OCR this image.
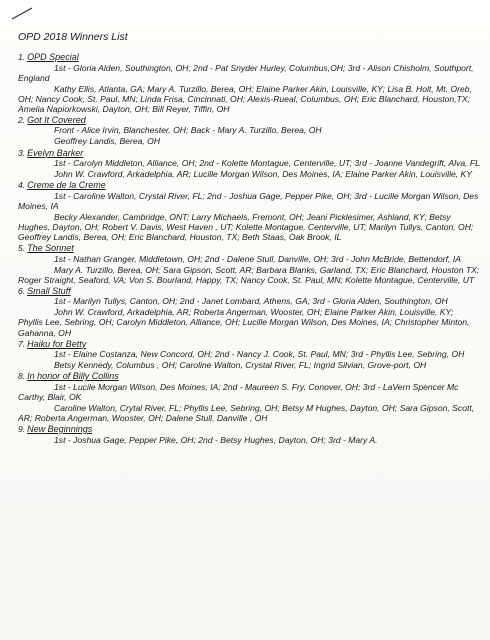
OPD 2018 Winners List
1. OPD Special
1st - Gloria Alden, Southington, OH; 2nd - Pat Snyder Hurley, Columbus,OH; 3rd - Alison Chisholm, Southport, England
Kathy Ellis, Atlanta, GA; Mary A. Turzillo, Berea, OH; Elaine Parker Akin, Louisville, KY; Lisa B. Holt, Mt. Oreb, OH; Nancy Cook, St. Paul, MN; Linda Frisa, Cincinnati, OH; Alexis-Rueal, Columbus, OH; Eric Blanchard, Houston,TX; Amelia Napiorkowski, Dayton, OH; Bill Reyer, Tiffin, OH
2. Got It Covered
Front - Alice Irvin, Blanchester, OH; Back - Mary A. Turzillo, Berea, OH
Geoffrey Landis, Berea, OH
3. Evelyn Barker
1st - Carolyn Middleton, Alliance, OH; 2nd - Kolette Montague, Centerville, UT; 3rd - Joanne Vandegrift, Alva, FL
John W. Crawford, Arkadelphia, AR; Lucille Morgan Wilson, Des Moines, IA; Elaine Parker Akin, Louisville, KY
4. Creme de la Creme
1st - Caroline Walton, Crystal River, FL; 2nd - Joshua Gage, Pepper Pike, OH; 3rd - Lucille Morgan Wilson, Des Moines, IA
Becky Alexander, Cambridge, ONT; Larry Michaels, Fremont, OH; Jeani Picklesimer, Ashland, KY; Betsy Hughes, Dayton, OH; Robert V. Davis, West Haven , UT; Kolette Montague, Centerville, UT; Marilyn Tullys, Canton, OH; Geoffrey Landis, Berea, OH; Eric Blanchard, Houston, TX; Beth Staas, Oak Brook, IL
5. The Sonnet
1st - Nathan Granger, Middletown, OH; 2nd - Dalene Stull, Danville, OH; 3rd - John McBride, Bettendorf, IA
Mary A. Turzillo, Berea, OH; Sara Gipson, Scott, AR; Barbara Blanks, Garland, TX; Eric Blanchard, Houston TX; Roger Straight, Seaford, VA; Von S. Bourland, Happy, TX; Nancy Cook, St. Paul, MN; Kolette Montague, Centerville, UT
6. Small Stuff
1st - Marilyn Tullys, Canton, OH; 2nd - Janet Lombard, Athens, GA; 3rd - Gloria Alden, Southington, OH
John W. Crawford, Arkadelphia, AR; Roberta Angerman, Wooster, OH; Elaine Parker Akin, Louisville, KY; Phyllis Lee, Sebring, OH; Carolyn Middleton, Alliance, OH; Lucille Morgan Wilson, Des Moines, IA; Christopher Minton, Gahanna, OH
7. Haiku for Betty
1st - Elaine Costanza, New Concord, OH; 2nd - Nancy J. Cook, St. Paul, MN; 3rd - Phyllis Lee, Sebring, OH
Betsy Kennedy, Columbus , OH; Caroline Walton, Crystal River, FL; Ingrid Silvian, Grove-port, OH
8. In honor of Billy Collins
1st - Lucile Morgan Wilson, Des Moines, IA; 2nd - Maureen S. Fry, Conover, OH; 3rd - LaVern Spencer Mc Carthy, Blair, OK
Caroline Walton, Crytal River, FL; Phyllis Lee, Sebring, OH; Betsy M Hughes, Dayton, OH; Sara Gipson, Scott, AR; Roberta Angerman, Wooster, OH; Dalene Stull, Danville , OH
9. New Beginnings
1st - Joshua Gage, Pepper Pike, OH; 2nd - Betsy Hughes, Dayton, OH; 3rd - Mary A.
